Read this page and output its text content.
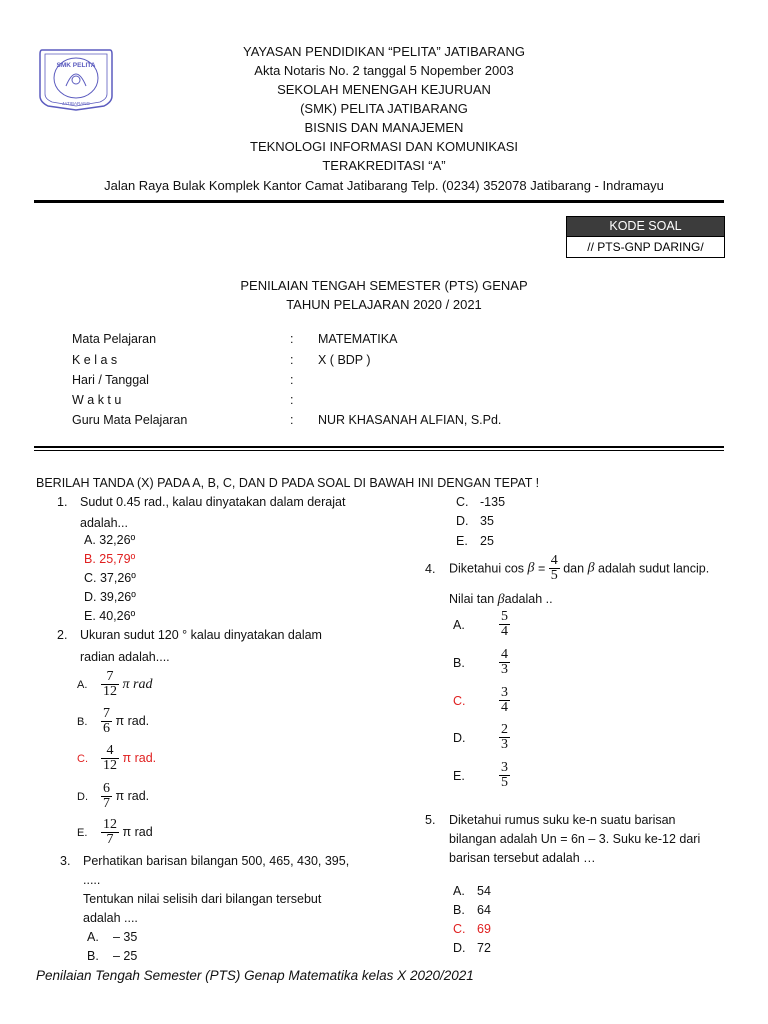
SMK PELITA
JATIBARANG
YAYASAN PENDIDIKAN “PELITA” JATIBARANG
Akta Notaris No. 2 tanggal 5 Nopember 2003
SEKOLAH MENENGAH KEJURUAN
(SMK) PELITA JATIBARANG
BISNIS DAN MANAJEMEN
TEKNOLOGI INFORMASI DAN KOMUNIKASI
TERAKREDITASI “A”
Jalan Raya Bulak Komplek Kantor Camat Jatibarang Telp. (0234) 352078 Jatibarang - Indramayu
KODE SOAL
// PTS-GNP DARING/
PENILAIAN TENGAH SEMESTER (PTS) GENAP
TAHUN PELAJARAN 2020 / 2021
Mata Pelajaran	: MATEMATIKA
K e l a s	: X ( BDP )
Hari / Tanggal	:
W a k t u	:
Guru Mata Pelajaran	: NUR KHASANAH ALFIAN, S.Pd.
BERILAH TANDA (X) PADA A, B, C, DAN D PADA SOAL DI BAWAH INI DENGAN TEPAT !
1. Sudut 0.45 rad., kalau dinyatakan dalam derajat
adalah...
A. 32,26º
B. 25,79º
C. 37,26º
D. 39,26º
E. 40,26º
2. Ukuran sudut 120 ° kalau dinyatakan dalam
radian adalah....
A. $\frac{7}{12}$ π rad
B. $\frac{7}{6}$ π rad.
C. $\frac{4}{12}$ π rad.
D. $\frac{6}{7}$ π rad.
E. $\frac{12}{7}$ π rad
3. Perhatikan barisan bilangan 500, 465, 430, 395,
.....
Tentukan nilai selisih dari bilangan tersebut
adalah ....
A. – 35
B. – 25
C. -135
D. 35
E. 25
4. Diketahui $\cos \beta = \frac{4}{5}$ dan β adalah sudut lancip.
Nilai tan βadalah ..
A. $\frac{5}{4}$
B. $\frac{4}{3}$
C. $\frac{3}{4}$
D. $\frac{2}{3}$
E. $\frac{3}{5}$
5. Diketahui rumus suku ke-n suatu barisan
bilangan adalah Un = 6n – 3. Suku ke-12 dari
barisan tersebut adalah …
A. 54
B. 64
C. 69
D. 72
Penilaian Tengah Semester (PTS) Genap Matematika kelas X 2020/2021
